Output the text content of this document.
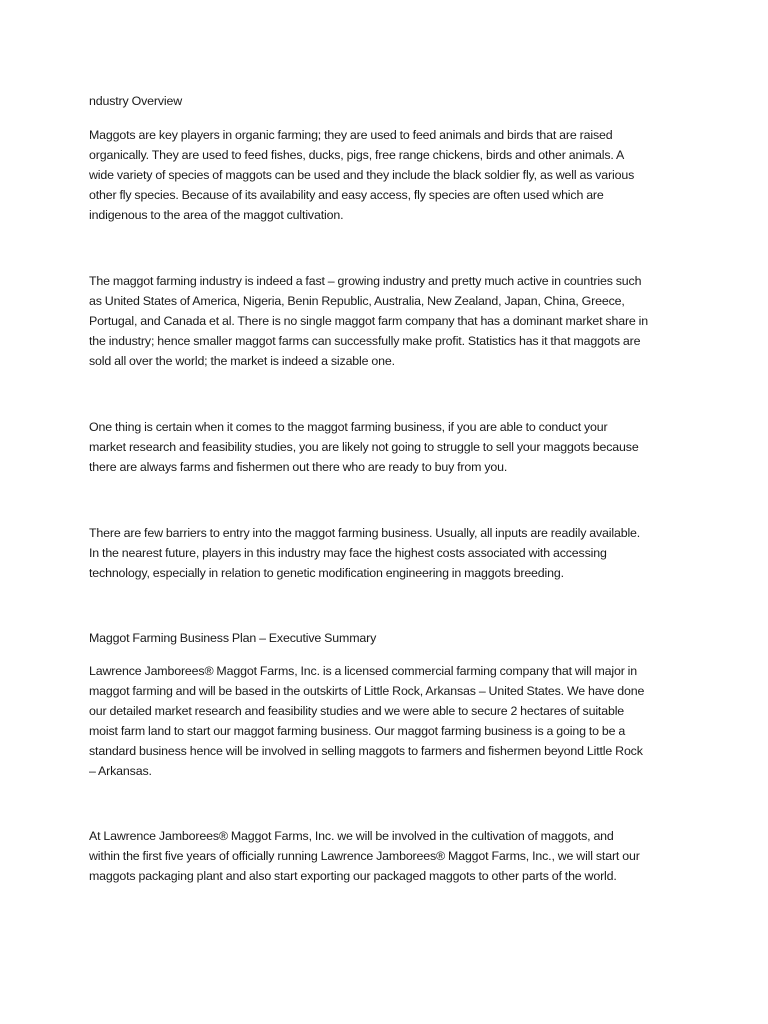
ndustry Overview
Maggots are key players in organic farming; they are used to feed animals and birds that are raised
organically. They are used to feed fishes, ducks, pigs, free range chickens, birds and other animals. A
wide variety of species of maggots can be used and they include the black soldier fly, as well as various
other fly species. Because of its availability and easy access, fly species are often used which are
indigenous to the area of the maggot cultivation.
The maggot farming industry is indeed a fast – growing industry and pretty much active in countries such
as United States of America, Nigeria, Benin Republic, Australia, New Zealand, Japan, China, Greece,
Portugal, and Canada et al. There is no single maggot farm company that has a dominant market share in
the industry; hence smaller maggot farms can successfully make profit. Statistics has it that maggots are
sold all over the world; the market is indeed a sizable one.
One thing is certain when it comes to the maggot farming business, if you are able to conduct your
market research and feasibility studies, you are likely not going to struggle to sell your maggots because
there are always farms and fishermen out there who are ready to buy from you.
There are few barriers to entry into the maggot farming business. Usually, all inputs are readily available.
In the nearest future, players in this industry may face the highest costs associated with accessing
technology, especially in relation to genetic modification engineering in maggots breeding.
Maggot Farming Business Plan – Executive Summary
Lawrence Jamborees® Maggot Farms, Inc. is a licensed commercial farming company that will major in
maggot farming and will be based in the outskirts of Little Rock, Arkansas – United States. We have done
our detailed market research and feasibility studies and we were able to secure 2 hectares of suitable
moist farm land to start our maggot farming business. Our maggot farming business is a going to be a
standard business hence will be involved in selling maggots to farmers and fishermen beyond Little Rock
– Arkansas.
At Lawrence Jamborees® Maggot Farms, Inc. we will be involved in the cultivation of maggots, and
within the first five years of officially running Lawrence Jamborees® Maggot Farms, Inc., we will start our
maggots packaging plant and also start exporting our packaged maggots to other parts of the world.
